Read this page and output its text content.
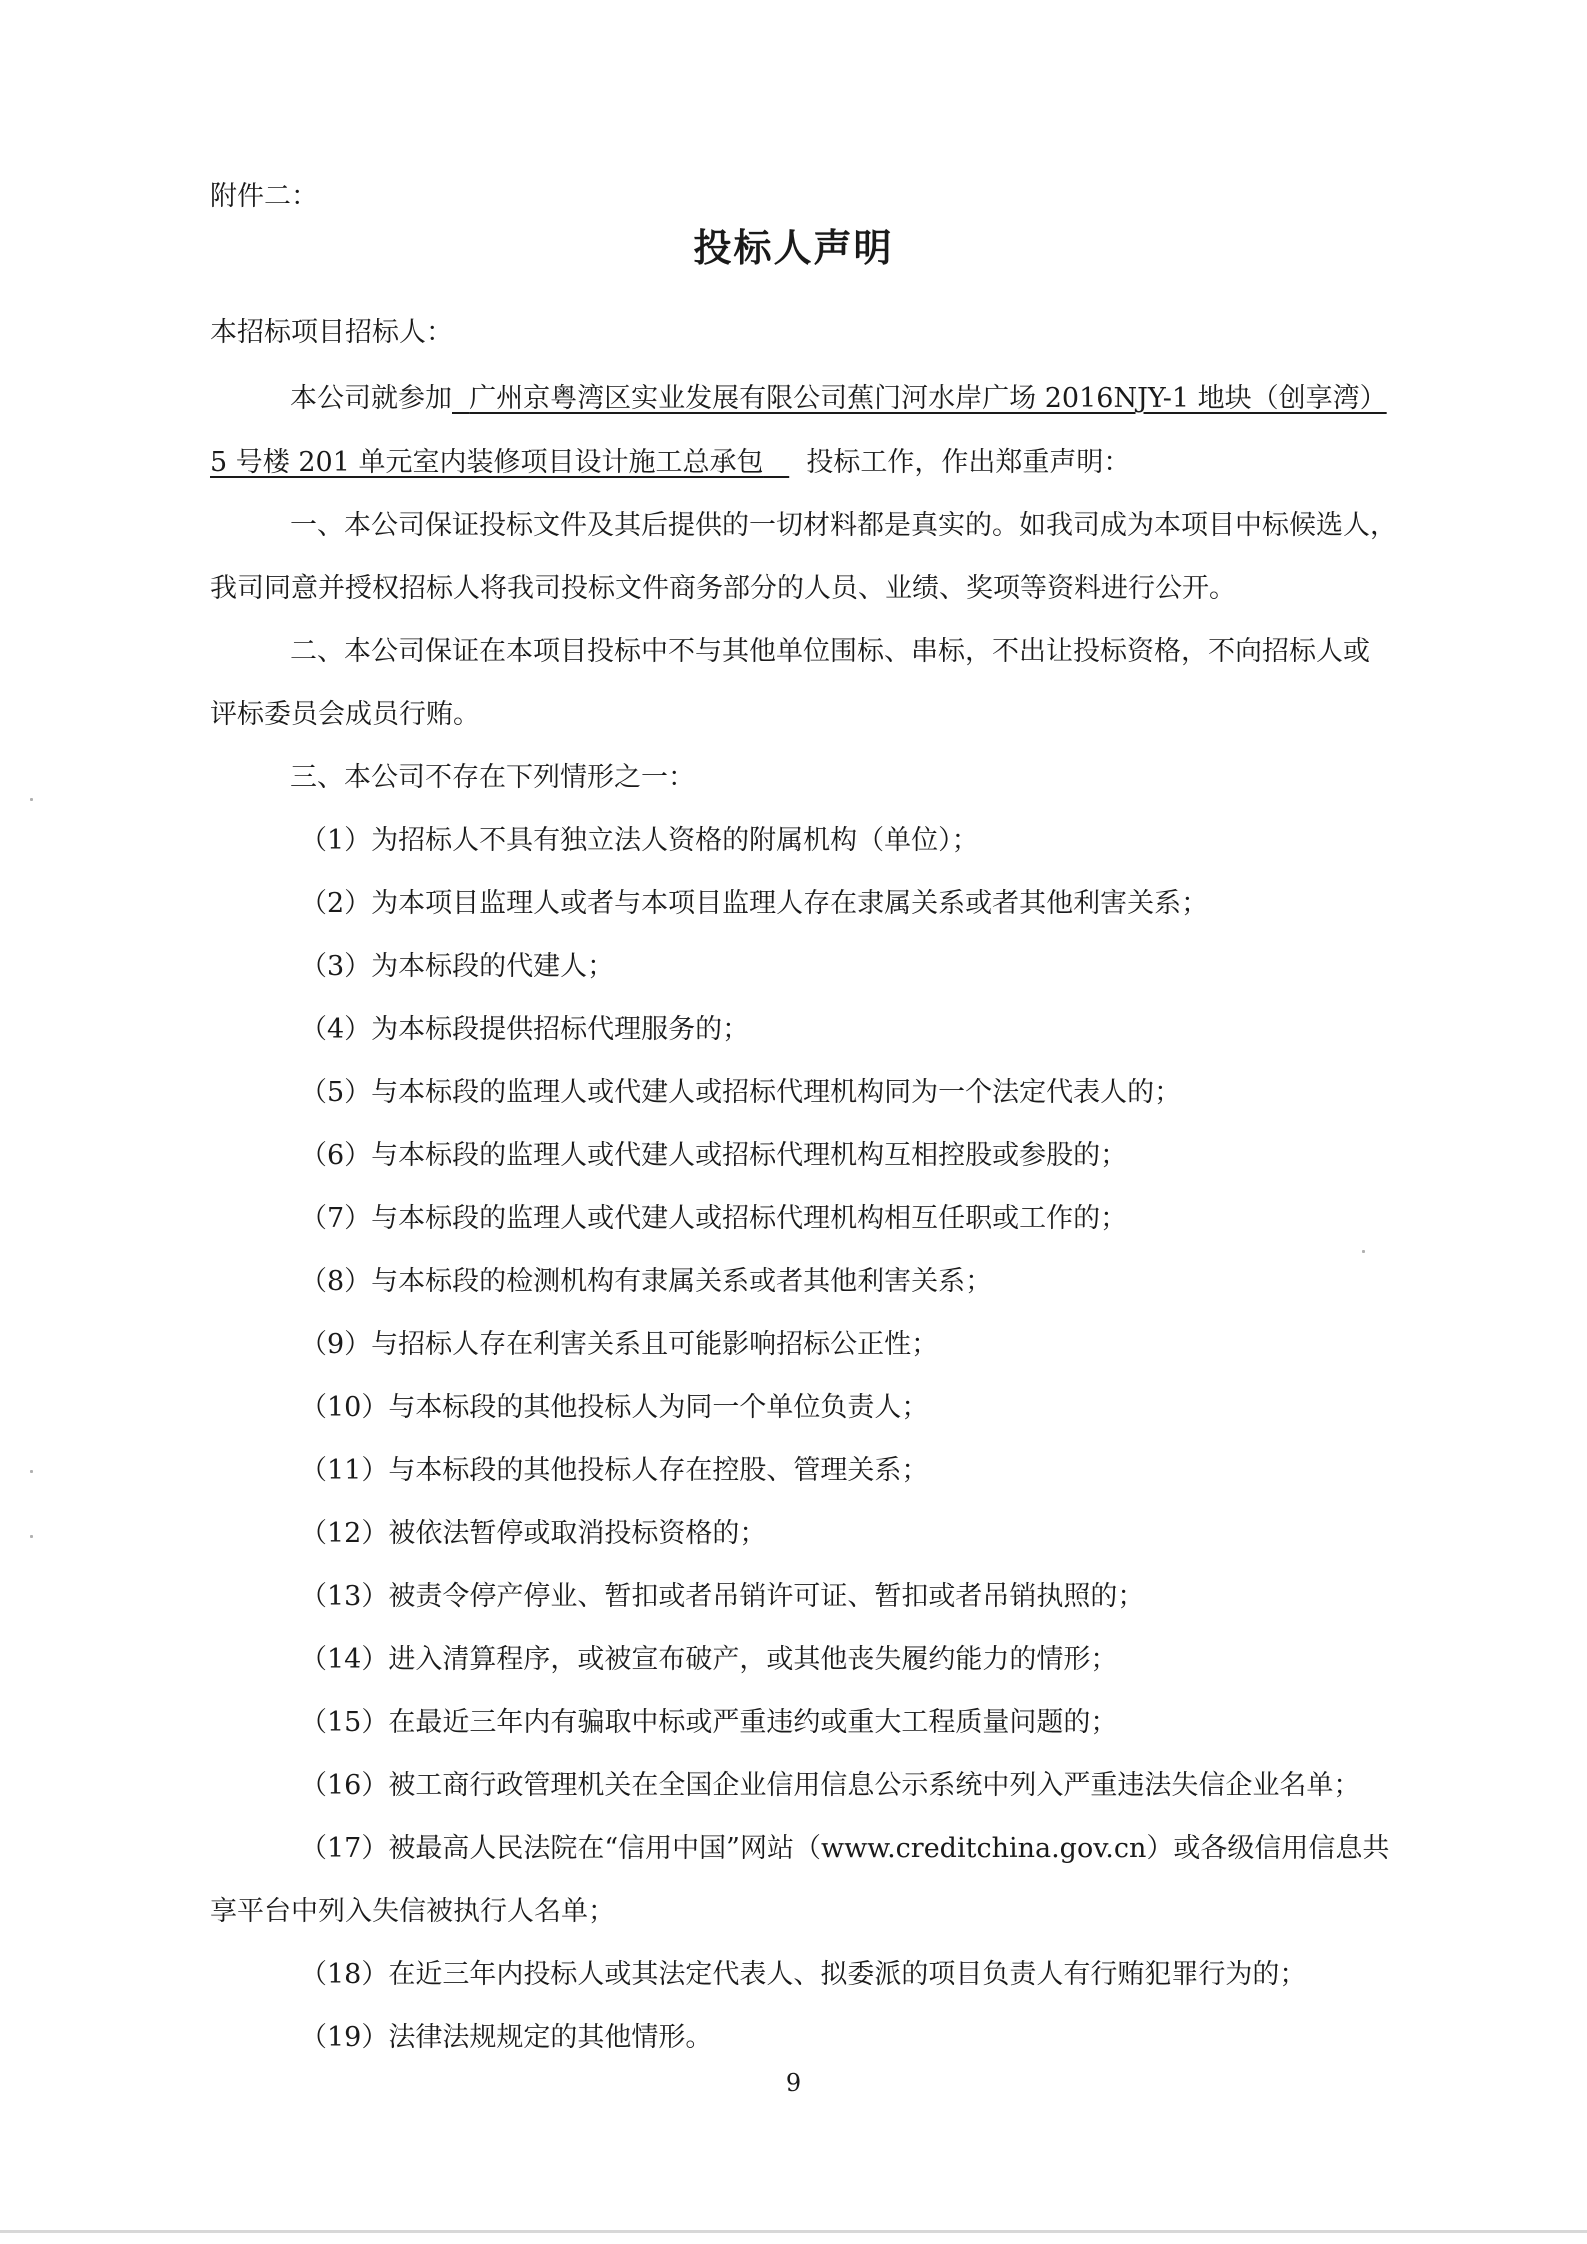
附件二：
投标人声明
本招标项目招标人：
本公司就参加 广州京粤湾区实业发展有限公司蕉门河水岸广场 2016NJY-1 地块（创享湾）
5 号楼 201 单元室内装修项目设计施工总承包 投标工作，作出郑重声明：
一、本公司保证投标文件及其后提供的一切材料都是真实的。如我司成为本项目中标候选人，
我司同意并授权招标人将我司投标文件商务部分的人员、业绩、奖项等资料进行公开。
二、本公司保证在本项目投标中不与其他单位围标、串标，不出让投标资格，不向招标人或
评标委员会成员行贿。
三、本公司不存在下列情形之一：
（1）为招标人不具有独立法人资格的附属机构（单位）；
（2）为本项目监理人或者与本项目监理人存在隶属关系或者其他利害关系；
（3）为本标段的代建人；
（4）为本标段提供招标代理服务的；
（5）与本标段的监理人或代建人或招标代理机构同为一个法定代表人的；
（6）与本标段的监理人或代建人或招标代理机构互相控股或参股的；
（7）与本标段的监理人或代建人或招标代理机构相互任职或工作的；
（8）与本标段的检测机构有隶属关系或者其他利害关系；
（9）与招标人存在利害关系且可能影响招标公正性；
（10）与本标段的其他投标人为同一个单位负责人；
（11）与本标段的其他投标人存在控股、管理关系；
（12）被依法暂停或取消投标资格的；
（13）被责令停产停业、暂扣或者吊销许可证、暂扣或者吊销执照的；
（14）进入清算程序，或被宣布破产，或其他丧失履约能力的情形；
（15）在最近三年内有骗取中标或严重违约或重大工程质量问题的；
（16）被工商行政管理机关在全国企业信用信息公示系统中列入严重违法失信企业名单；
（17）被最高人民法院在“信用中国”网站（www.creditchina.gov.cn）或各级信用信息共
享平台中列入失信被执行人名单；
（18）在近三年内投标人或其法定代表人、拟委派的项目负责人有行贿犯罪行为的；
（19）法律法规规定的其他情形。
9
